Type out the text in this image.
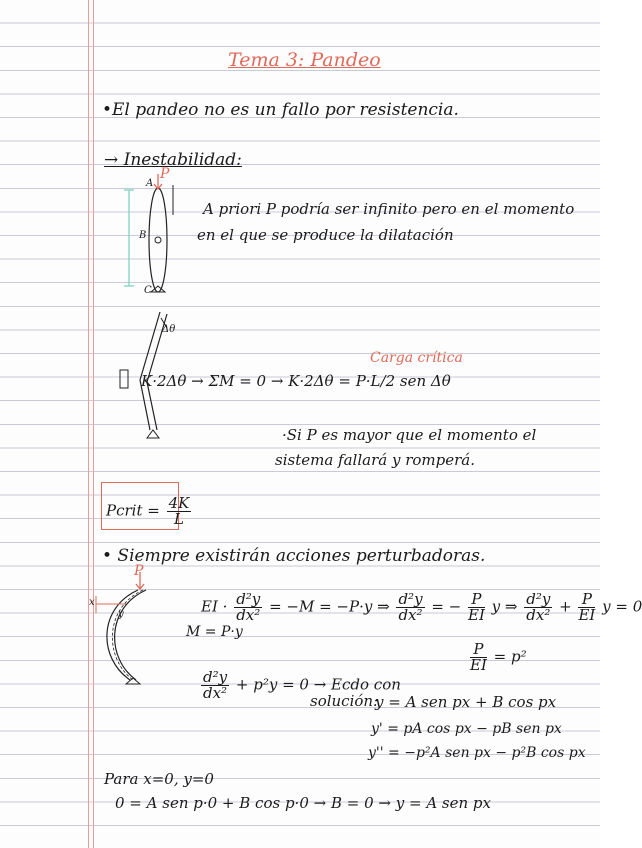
Tema 3: Pandeo
•El pandeo no es un fallo por resistencia.
→ Inestabilidad:
P
A
B
C
A priori P podría ser infinito pero en el momento
en el que se produce la dilatación
Δθ
Carga crítica
K·2Δθ → ΣM = 0 → K·2Δθ = P·L/2 sen Δθ
·Si P es mayor que el momento el
sistema fallará y romperá.
Pcrit = $\frac{4K}{L}$
• Siempre existirán acciones perturbadoras.
P
y
x	EI · $\frac{\text{d²y}}{\text{dx²}} = -M = -P\cdot y$ ⇒ $\frac{\text{d²y}}{\text{dx²}}$ = − $\frac{P}{EI}$ y ⇒ $\frac{\text{d²y}}{\text{dx²}} + \frac{P}{EI}$ y = 0
M = P·y
$\frac{P}{EI} = p^2$
$\frac{\text{d²y}}{\text{dx²}} + p^2y = 0$ → Ecdo con
solución:
y = A sen px + B cos px
y' = pA cos px − pB sen px
y'' = −p²A sen px − p²B cos px
Para x=0, y=0
0 = A sen p·0 + B cos p·0 → B = 0 → y = A sen px
